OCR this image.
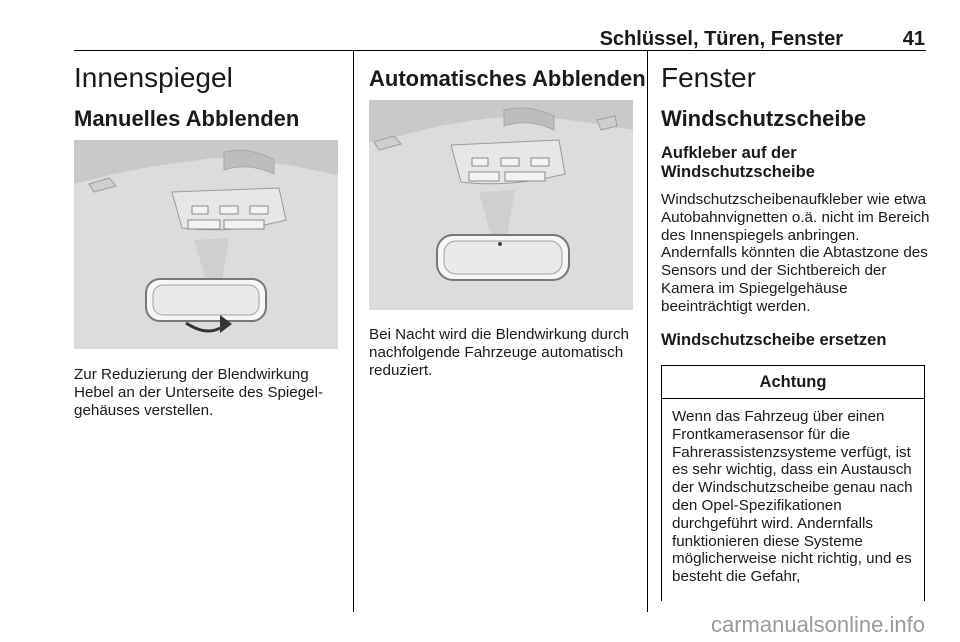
Schlüssel, Türen, Fenster	41
Innenspiegel
Manuelles Abblenden

Zur Reduzierung der Blendwirkung Hebel an der Unterseite des Spiegelgehäuses verstellen.

Automatisches Abblenden

Bei Nacht wird die Blendwirkung durch nachfolgende Fahrzeuge automatisch reduziert.

Fenster
Windschutzscheibe
Aufkleber auf der Windschutzscheibe

Windschutzscheibenaufkleber wie etwa Autobahnvignetten o.ä. nicht im Bereich des Innenspiegels anbringen. Andernfalls könnten die Abtastzone des Sensors und der Sichtbereich der Kamera im Spiegelgehäuse beeinträchtigt werden.

Windschutzscheibe ersetzen
Achtung

Wenn das Fahrzeug über einen Frontkamerasensor für die Fahrerassistenzsysteme verfügt, ist es sehr wichtig, dass ein Austausch der Windschutzscheibe genau nach den Opel-Spezifikationen durchgeführt wird. Andernfalls funktionieren diese Systeme möglicherweise nicht richtig, und es besteht die Gefahr,

carmanualsonline.info
